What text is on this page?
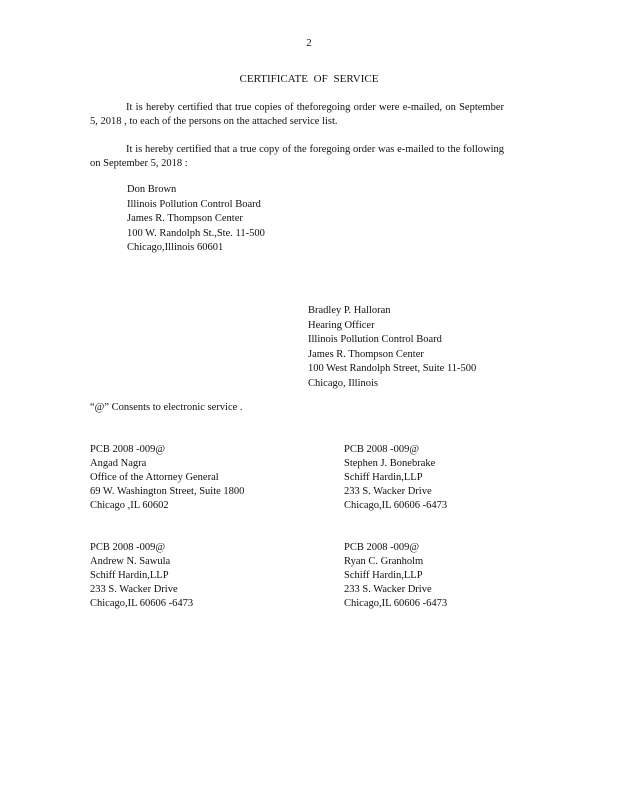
2
CERTIFICATE OF SERVICE
It is hereby certified that true copies of theforegoing order were e-mailed, on September 5, 2018 , to each of the persons on the attached service list.
It is hereby certified that a true copy of the foregoing order was e-mailed to the following on September 5, 2018 :
Don Brown
Illinois Pollution Control Board
James R. Thompson Center
100 W. Randolph St.,Ste. 11-500
Chicago,Illinois 60601
Bradley P. Halloran
Hearing Officer
Illinois Pollution Control Board
James R. Thompson Center
100 West Randolph Street, Suite 11-500
Chicago, Illinois
“@” Consents to electronic service .
PCB 2008 -009@
Angad Nagra
Office of the Attorney General
69 W. Washington Street, Suite 1800
Chicago ,IL 60602
PCB 2008 -009@
Stephen J. Bonebrake
Schiff Hardin,LLP
233 S. Wacker Drive
Chicago,IL 60606 -6473
PCB 2008 -009@
Andrew N. Sawula
Schiff Hardin,LLP
233 S. Wacker Drive
Chicago,IL 60606 -6473
PCB 2008 -009@
Ryan C. Granholm
Schiff Hardin,LLP
233 S. Wacker Drive
Chicago,IL 60606 -6473
